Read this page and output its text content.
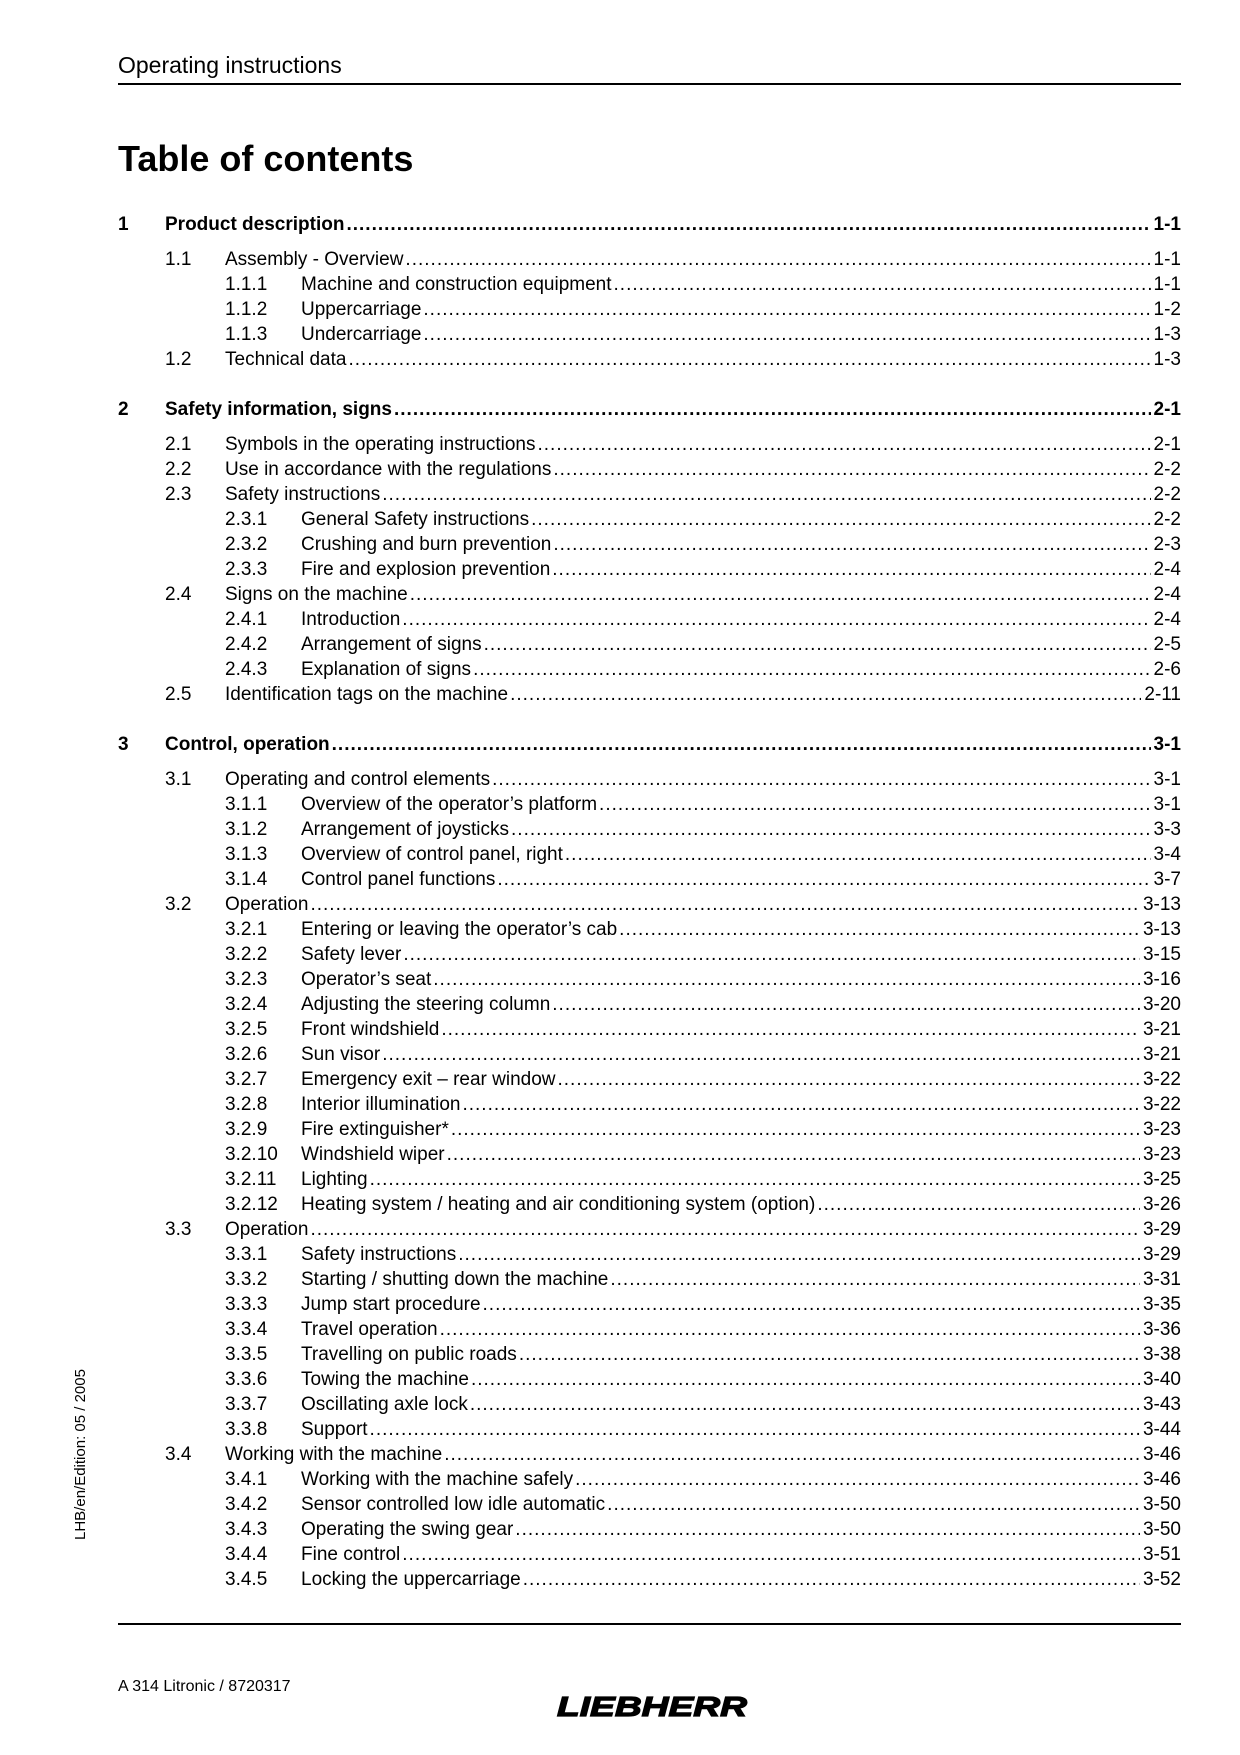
Operating instructions
Table of contents
1 Product description .....	1-1
1.1 Assembly - Overview .....	1-1
1.1.1 Machine and construction equipment .....	1-1
1.1.2 Uppercarriage .....	1-2
1.1.3 Undercarriage .....	1-3
1.2 Technical data .....	1-3
2 Safety information, signs .....	2-1
2.1 Symbols in the operating instructions .....	2-1
2.2 Use in accordance with the regulations .....	2-2
2.3 Safety instructions .....	2-2
2.3.1 General Safety instructions .....	2-2
2.3.2 Crushing and burn prevention .....	2-3
2.3.3 Fire and explosion prevention .....	2-4
2.4 Signs on the machine .....	2-4
2.4.1 Introduction .....	2-4
2.4.2 Arrangement of signs .....	2-5
2.4.3 Explanation of signs .....	2-6
2.5 Identification tags on the machine .....	2-11
3 Control, operation .....	3-1
3.1 Operating and control elements .....	3-1
3.1.1 Overview of the operator’s platform .....	3-1
3.1.2 Arrangement of joysticks .....	3-3
3.1.3 Overview of control panel, right .....	3-4
3.1.4 Control panel functions .....	3-7
3.2 Operation .....	3-13
3.2.1 Entering or leaving the operator’s cab .....	3-13
3.2.2 Safety lever .....	3-15
3.2.3 Operator’s seat .....	3-16
3.2.4 Adjusting the steering column .....	3-20
3.2.5 Front windshield .....	3-21
3.2.6 Sun visor .....	3-21
3.2.7 Emergency exit – rear window .....	3-22
3.2.8 Interior illumination .....	3-22
3.2.9 Fire extinguisher* .....	3-23
3.2.10 Windshield wiper .....	3-23
3.2.11 Lighting .....	3-25
3.2.12 Heating system / heating and air conditioning system (option) .....	3-26
3.3 Operation .....	3-29
3.3.1 Safety instructions .....	3-29
3.3.2 Starting / shutting down the machine .....	3-31
3.3.3 Jump start procedure .....	3-35
3.3.4 Travel operation .....	3-36
3.3.5 Travelling on public roads .....	3-38
3.3.6 Towing the machine .....	3-40
3.3.7 Oscillating axle lock .....	3-43
3.3.8 Support .....	3-44
3.4 Working with the machine .....	3-46
3.4.1 Working with the machine safely .....	3-46
3.4.2 Sensor controlled low idle automatic .....	3-50
3.4.3 Operating the swing gear .....	3-50
3.4.4 Fine control .....	3-51
3.4.5 Locking the uppercarriage .....	3-52
LHB/en/Edition: 05 / 2005
A 314 Litronic / 8720317
LIEBHERR
